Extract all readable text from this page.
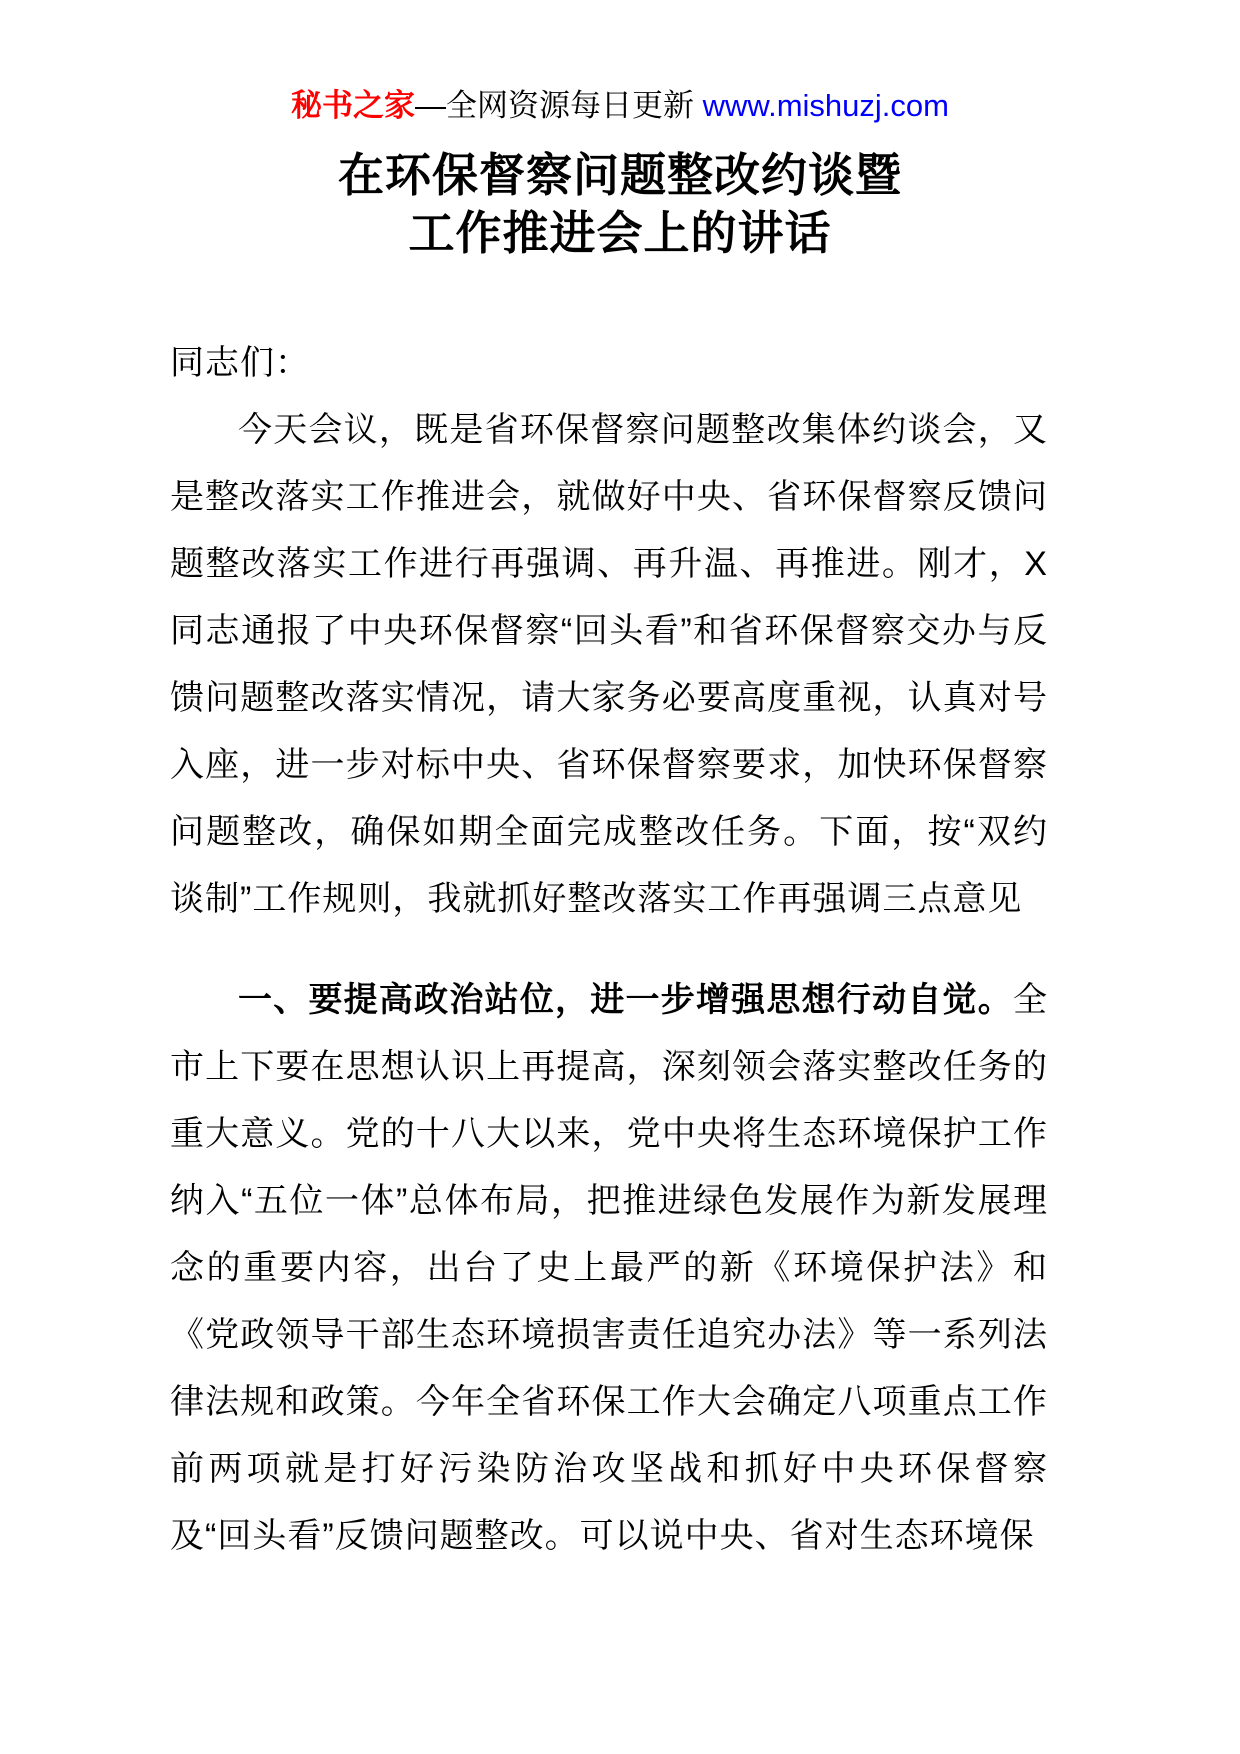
秘书之家—全网资源每日更新 www.mishuzj.com
在环保督察问题整改约谈暨
工作推进会上的讲话

同志们：

今天会议，既是省环保督察问题整改集体约谈会，又是整改落实工作推进会，就做好中央、省环保督察反馈问题整改落实工作进行再强调、再升温、再推进。刚才，X同志通报了中央环保督察“回头看”和省环保督察交办与反馈问题整改落实情况，请大家务必要高度重视，认真对号入座，进一步对标中央、省环保督察要求，加快环保督察问题整改，确保如期全面完成整改任务。下面，按“双约谈制”工作规则，我就抓好整改落实工作再强调三点意见

一、要提高政治站位，进一步增强思想行动自觉。全市上下要在思想认识上再提高，深刻领会落实整改任务的重大意义。党的十八大以来，党中央将生态环境保护工作纳入“五位一体”总体布局，把推进绿色发展作为新发展理念的重要内容，出台了史上最严的新《环境保护法》和《党政领导干部生态环境损害责任追究办法》等一系列法律法规和政策。今年全省环保工作大会确定八项重点工作前两项就是打好污染防治攻坚战和抓好中央环保督察及“回头看”反馈问题整改。可以说中央、省对生态环境保
